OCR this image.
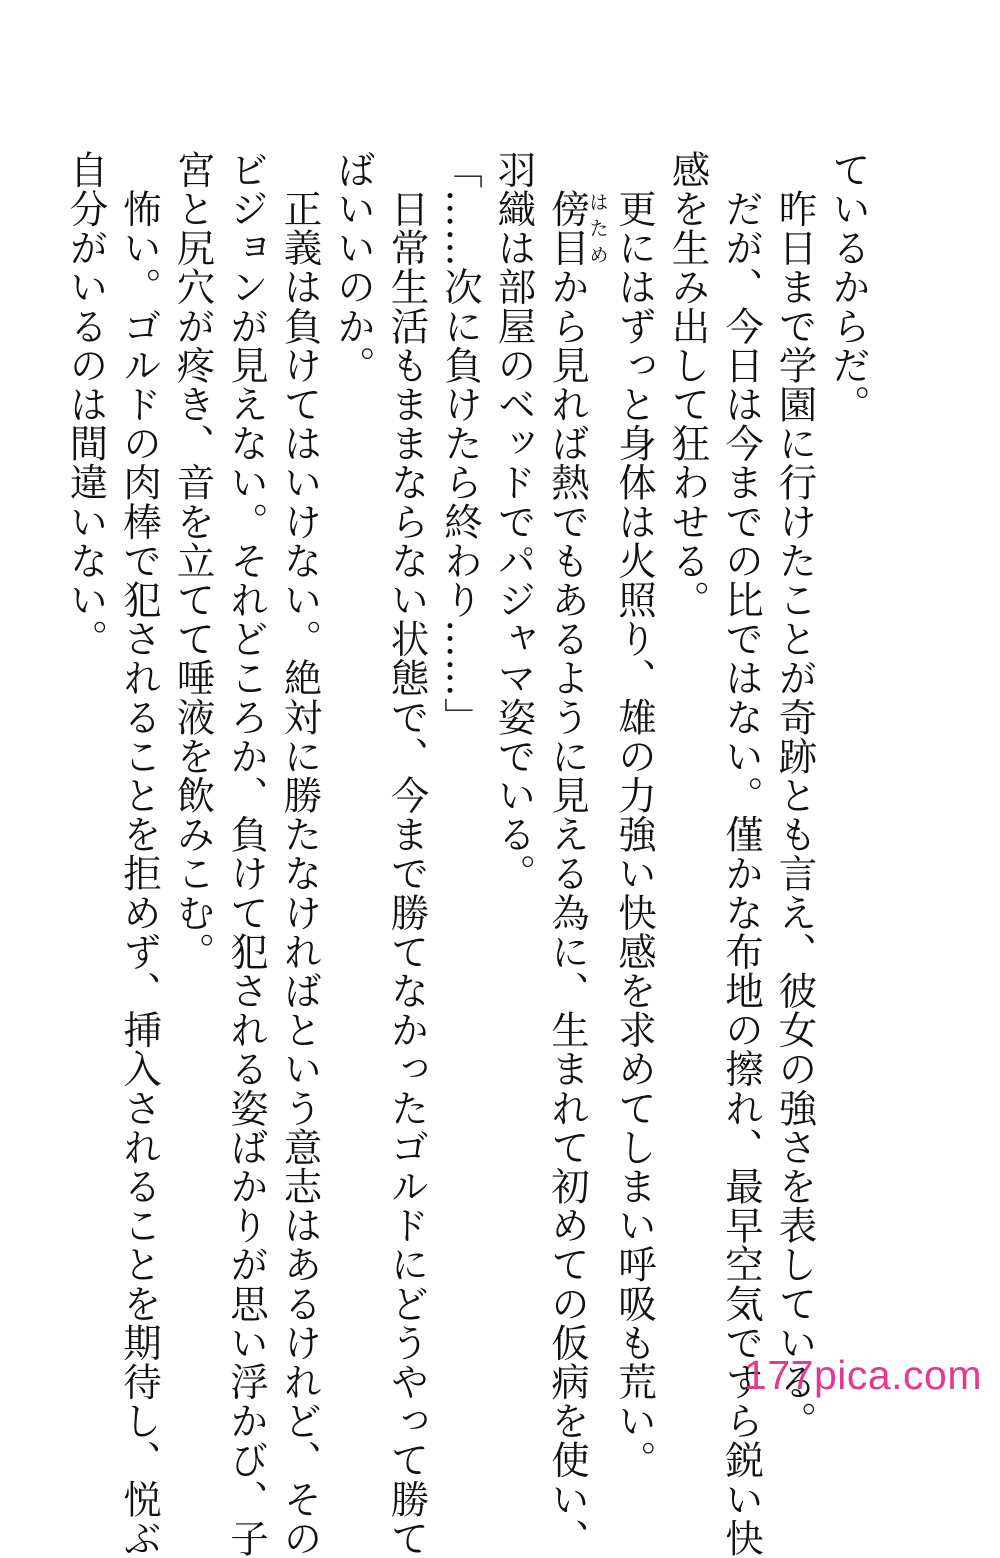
ているからだ。
　昨日まで学園に行けたことが奇跡とも言え、彼女の強さを表している。
　だが、今日は今までの比ではない。僅かな布地の擦れ、最早空気ですら鋭い快
感を生み出して狂わせる。
　更にはずっと身体は火照り、雄の力強い快感を求めてしまい呼吸も荒い。
　傍目はためから見れば熱でもあるように見える為に、生まれて初めての仮病を使い、
羽織は部屋のベッドでパジャマ姿でいる。
「……次に負けたら終わり……」
　日常生活もままならない状態で、今まで勝てなかったゴルドにどうやって勝て
ばいいのか。
　正義は負けてはいけない。絶対に勝たなければという意志はあるけれど、その
ビジョンが見えない。それどころか、負けて犯される姿ばかりが思い浮かび、子
宮と尻穴が疼き、音を立てて唾液を飲みこむ。
　怖い。ゴルドの肉棒で犯されることを拒めず、挿入されることを期待し、悦ぶ
自分がいるのは間違いない。
177pica.com
